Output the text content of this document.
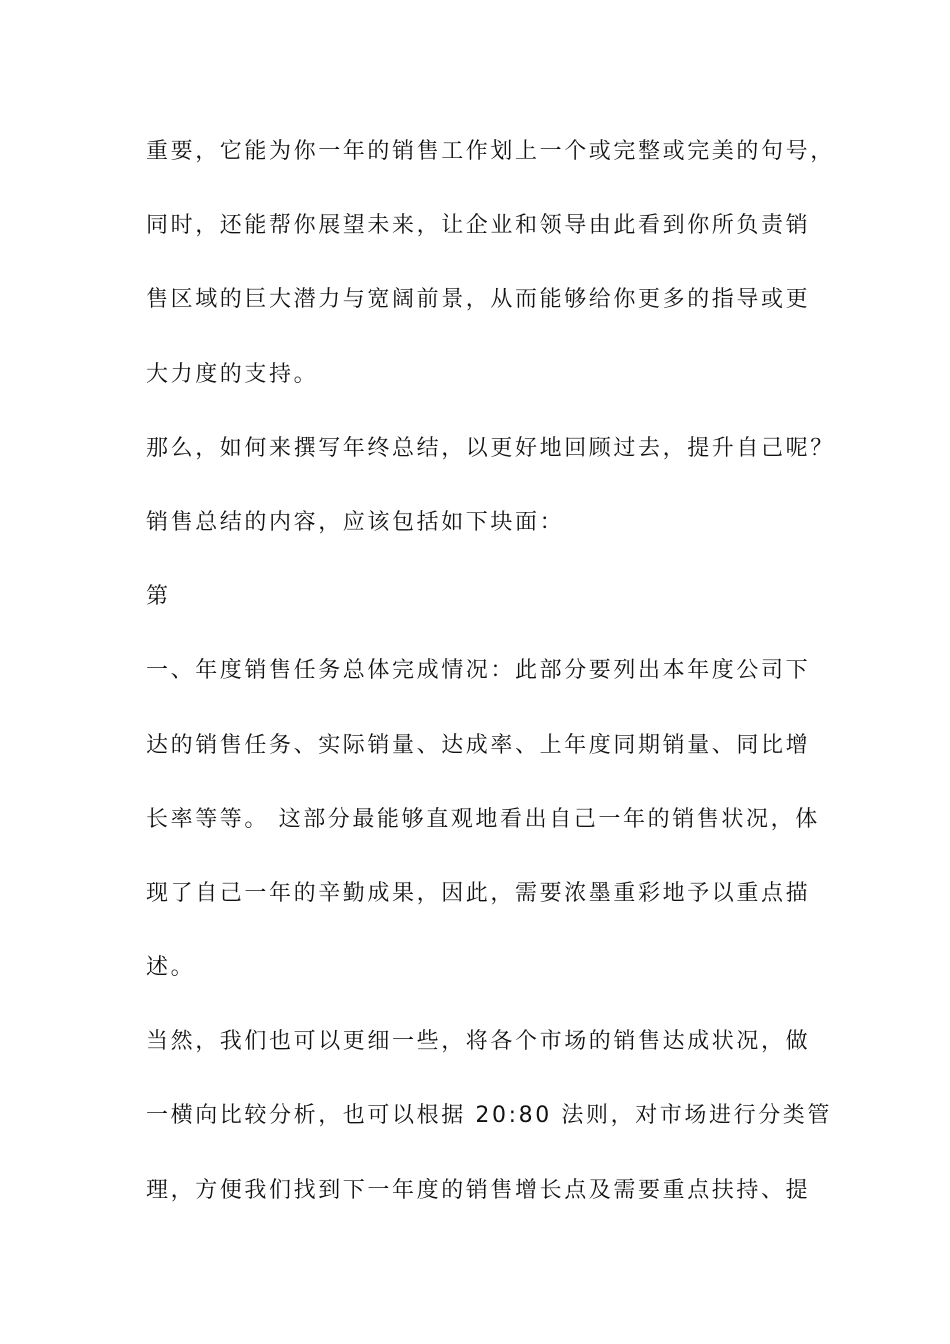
重要，它能为你一年的销售工作划上一个或完整或完美的句号，
同时，还能帮你展望未来，让企业和领导由此看到你所负责销
售区域的巨大潜力与宽阔前景，从而能够给你更多的指导或更
大力度的支持。
那么，如何来撰写年终总结，以更好地回顾过去，提升自己呢？
销售总结的内容，应该包括如下块面：
第
一、年度销售任务总体完成情况：此部分要列出本年度公司下
达的销售任务、实际销量、达成率、上年度同期销量、同比增
长率等等。 这部分最能够直观地看出自己一年的销售状况，体
现了自己一年的辛勤成果，因此，需要浓墨重彩地予以重点描
述。
当然，我们也可以更细一些，将各个市场的销售达成状况，做
一横向比较分析，也可以根据 20:80 法则，对市场进行分类管
理，方便我们找到下一年度的销售增长点及需要重点扶持、提
